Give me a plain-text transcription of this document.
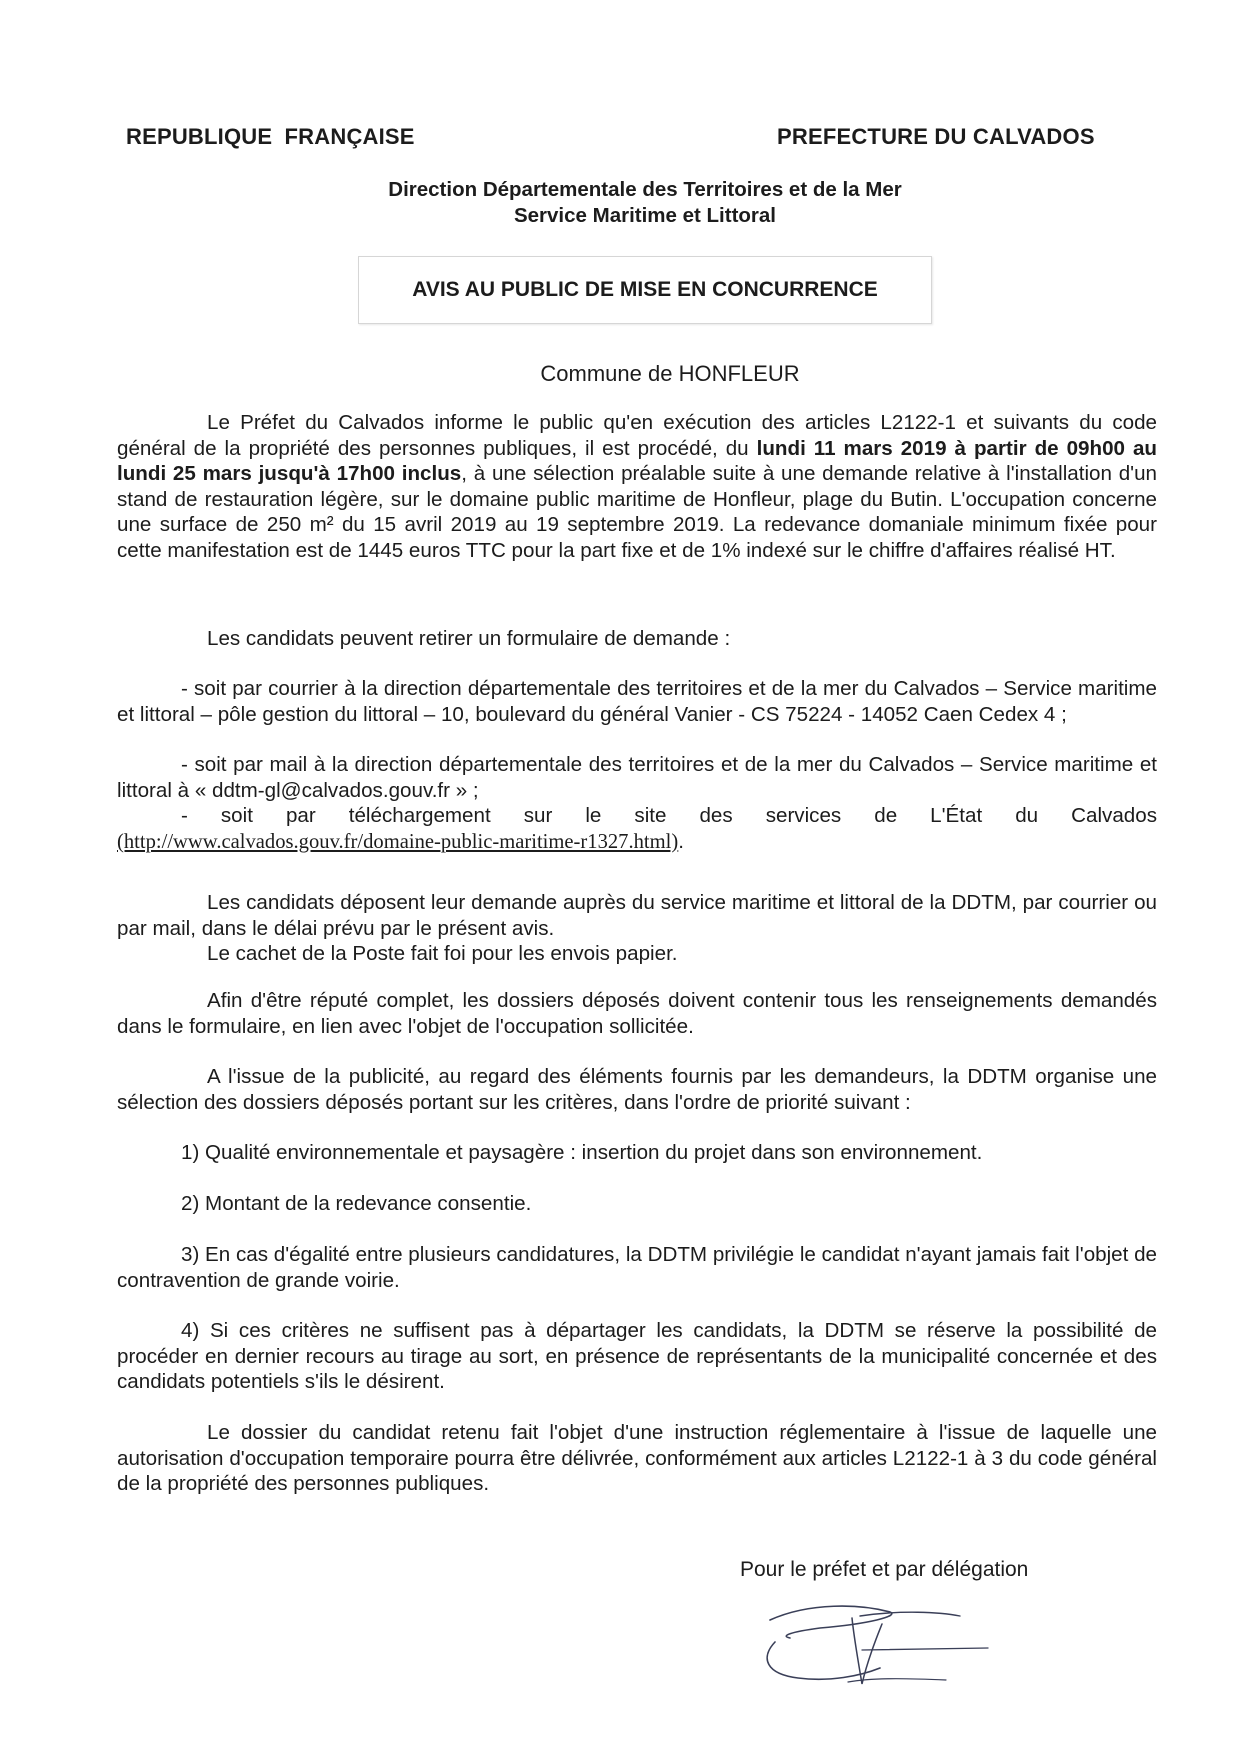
REPUBLIQUE FRANÇAISE	PREFECTURE DU CALVADOS
Direction Départementale des Territoires et de la Mer
Service Maritime et Littoral
AVIS AU PUBLIC DE MISE EN CONCURRENCE
Commune de HONFLEUR

Le Préfet du Calvados informe le public qu'en exécution des articles L2122-1 et suivants du code général de la propriété des personnes publiques, il est procédé, du lundi 11 mars 2019 à partir de 09h00 au lundi 25 mars jusqu'à 17h00 inclus, à une sélection préalable suite à une demande relative à l'installation d'un stand de restauration légère, sur le domaine public maritime de Honfleur, plage du Butin. L'occupation concerne une surface de 250 m² du 15 avril 2019 au 19 septembre 2019. La redevance domaniale minimum fixée pour cette manifestation est de 1445 euros TTC pour la part fixe et de 1% indexé sur le chiffre d'affaires réalisé HT.

Les candidats peuvent retirer un formulaire de demande :

- soit par courrier à la direction départementale des territoires et de la mer du Calvados – Service maritime et littoral – pôle gestion du littoral – 10, boulevard du général Vanier - CS 75224 - 14052 Caen Cedex 4 ;

- soit par mail à la direction départementale des territoires et de la mer du Calvados – Service maritime et littoral à « ddtm-gl@calvados.gouv.fr » ;

- soit par téléchargement sur le site des services de L'État du Calvados

(http://www.calvados.gouv.fr/domaine-public-maritime-r1327.html).

Les candidats déposent leur demande auprès du service maritime et littoral de la DDTM, par courrier ou par mail, dans le délai prévu par le présent avis.

Le cachet de la Poste fait foi pour les envois papier.

Afin d'être réputé complet, les dossiers déposés doivent contenir tous les renseignements demandés dans le formulaire, en lien avec l'objet de l'occupation sollicitée.

A l'issue de la publicité, au regard des éléments fournis par les demandeurs, la DDTM organise une sélection des dossiers déposés portant sur les critères, dans l'ordre de priorité suivant :

1) Qualité environnementale et paysagère : insertion du projet dans son environnement.

2) Montant de la redevance consentie.

3) En cas d'égalité entre plusieurs candidatures, la DDTM privilégie le candidat n'ayant jamais fait l'objet de contravention de grande voirie.

4) Si ces critères ne suffisent pas à départager les candidats, la DDTM se réserve la possibilité de procéder en dernier recours au tirage au sort, en présence de représentants de la municipalité concernée et des candidats potentiels s'ils le désirent.

Le dossier du candidat retenu fait l'objet d'une instruction réglementaire à l'issue de laquelle une autorisation d'occupation temporaire pourra être délivrée, conformément aux articles L2122-1 à 3 du code général de la propriété des personnes publiques.

Pour le préfet et par délégation
